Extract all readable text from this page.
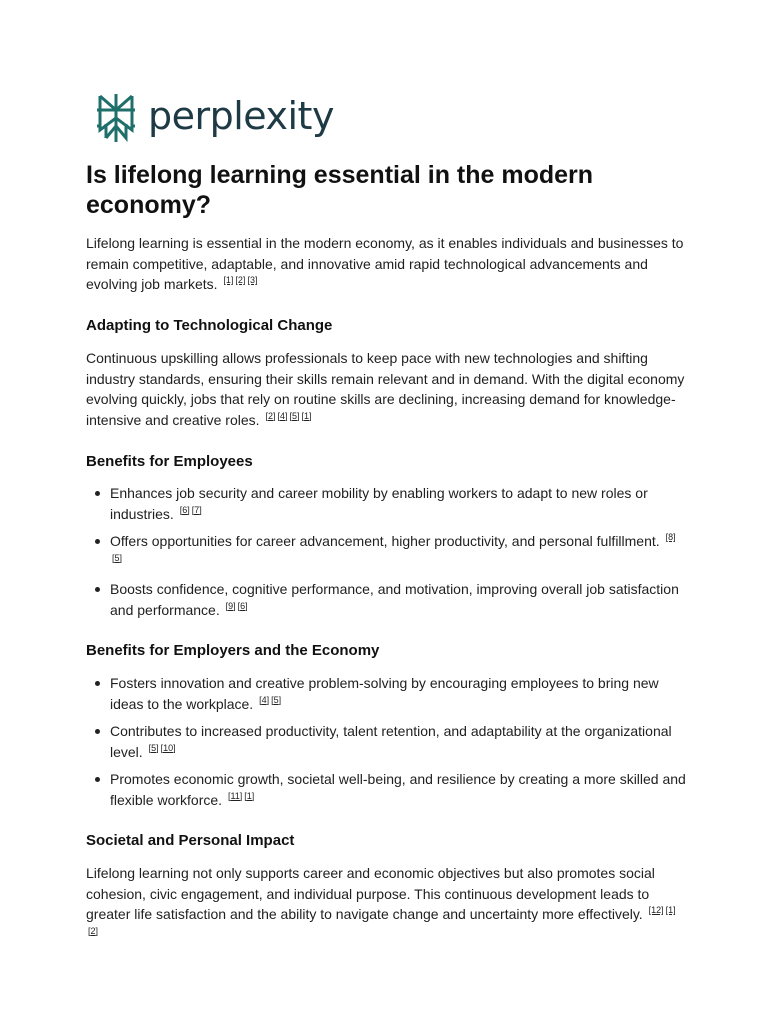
perplexity
Is lifelong learning essential in the modern economy?

Lifelong learning is essential in the modern economy, as it enables individuals and businesses to remain competitive, adaptable, and innovative amid rapid technological advancements and evolving job markets. [1] [2] [3]

Adapting to Technological Change

Continuous upskilling allows professionals to keep pace with new technologies and shifting industry standards, ensuring their skills remain relevant and in demand. With the digital economy evolving quickly, jobs that rely on routine skills are declining, increasing demand for knowledge-intensive and creative roles. [2] [4] [5] [1]

Benefits for Employees
Enhances job security and career mobility by enabling workers to adapt to new roles or industries. [6] [7]
Offers opportunities for career advancement, higher productivity, and personal fulfillment. [8][5]
Boosts confidence, cognitive performance, and motivation, improving overall job satisfaction and performance. [9] [6]
Benefits for Employers and the Economy
Fosters innovation and creative problem-solving by encouraging employees to bring new ideas to the workplace. [4] [5]
Contributes to increased productivity, talent retention, and adaptability at the organizational level. [5] [10]
Promotes economic growth, societal well-being, and resilience by creating a more skilled and flexible workforce. [11] [1]
Societal and Personal Impact

Lifelong learning not only supports career and economic objectives but also promotes social cohesion, civic engagement, and individual purpose. This continuous development leads to greater life satisfaction and the ability to navigate change and uncertainty more effectively. [12] [1][2]
